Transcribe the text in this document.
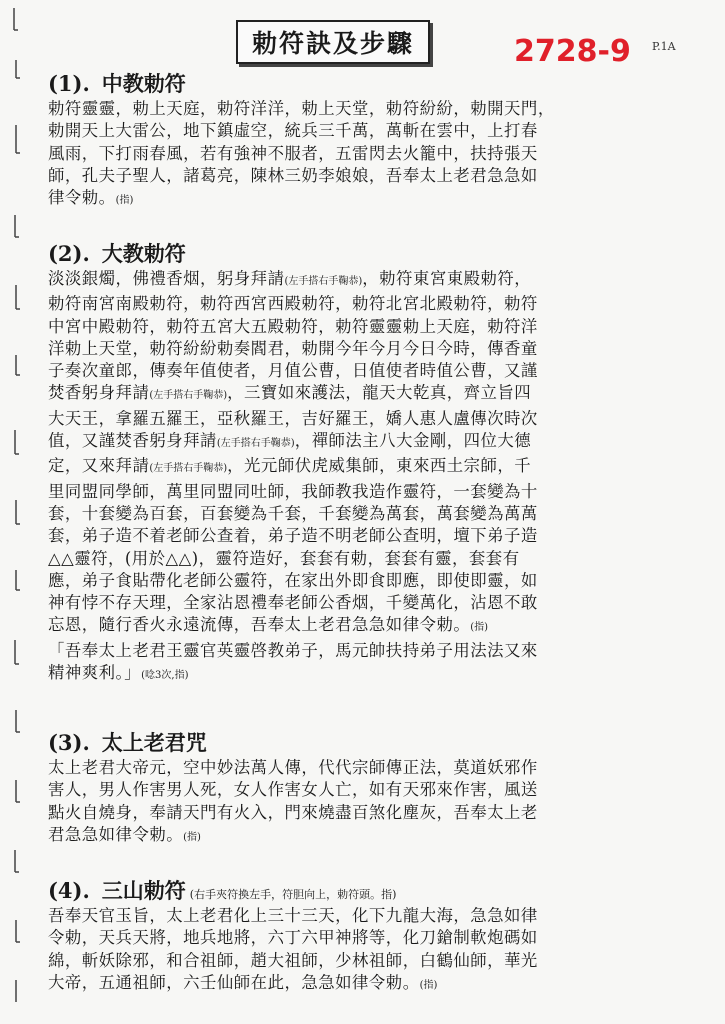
勅符訣及步驟	2728-9 P.1A
(1). 中教勅符
勅符靈靈，勅上天庭，勅符洋洋，勅上天堂，勅符紛紛，勅開天門，
勅開天上大雷公，地下鎮虛空，統兵三千萬，萬斬在雲中，上打春
風雨，下打雨春風，若有強神不服者，五雷閃去火籠中，扶持張天
師，孔夫子聖人，諸葛亮，陳林三奶李娘娘，吾奉太上老君急急如
律令勅。(指)
(2). 大教勅符
淡淡銀燭，佛禮香烟，躬身拜請(左手搭右手鞠恭)，勅符東宮東殿勅符，
勅符南宮南殿勅符，勅符西宮西殿勅符，勅符北宮北殿勅符，勅符
中宮中殿勅符，勅符五宮大五殿勅符，勅符靈靈勅上天庭，勅符洋
洋勅上天堂，勅符紛紛勅奏閻君，勅開今年今月今日今時，傳香童
子奏次童郎，傳奏年值使者，月值公曹，日值使者時值公曹，又謹
焚香躬身拜請(左手搭右手鞠恭)，三寶如來護法，龍天大乾真，齊立旨四
大天王，拿羅五羅王，亞秋羅王，吉好羅王，嬌人惠人盧傳次時次
值，又謹焚香躬身拜請(左手搭右手鞠恭)，禪師法主八大金剛，四位大德
定，又來拜請(左手搭右手鞠恭)，光元師伏虎威集師，東來西土宗師，千
里同盟同學師，萬里同盟同吐師，我師教我造作靈符，一套變為十
套，十套變為百套，百套變為千套，千套變為萬套，萬套變為萬萬
套，弟子造不着老師公查着，弟子造不明老師公查明，壇下弟子造
△△靈符，(用於△△)，靈符造好，套套有勅，套套有靈，套套有
應，弟子食貼帶化老師公靈符，在家出外即食即應，即使即靈，如
神有悖不存天理，全家沾恩禮奉老師公香烟，千變萬化，沾恩不敢
忘恩，隨行香火永遠流傳，吾奉太上老君急急如律令勅。(指)
「吾奉太上老君王靈官英靈啓教弟子，馬元帥扶持弟子用法法又來
精神爽利。」(唸3次,指)
(3). 太上老君咒
太上老君大帝元，空中妙法萬人傳，代代宗師傳正法，莫道妖邪作
害人，男人作害男人死，女人作害女人亡，如有天邪來作害，風送
點火自燒身，奉請天門有火入，門來燒盡百煞化塵灰，吾奉太上老
君急急如律令勅。(指)
(4). 三山勅符 (右手夾符換左手，符胆向上，勅符頭。指)
吾奉天官玉旨，太上老君化上三十三天，化下九龍大海，急急如律
令勅，天兵天將，地兵地將，六丁六甲神將等，化刀鎗制軟炮碼如
綿，斬妖除邪，和合祖師，趙大祖師，少林祖師，白鶴仙師，華光
大帝，五通祖師，六壬仙師在此，急急如律令勅。(指)
